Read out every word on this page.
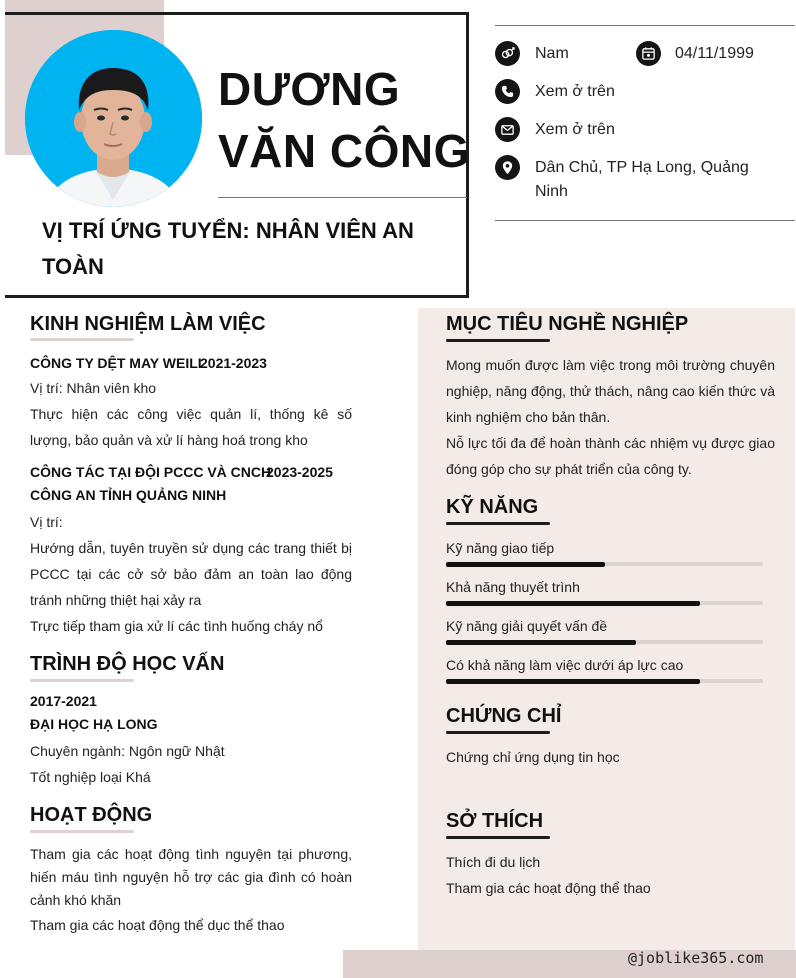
DƯƠNG
VĂN CÔNG
VỊ TRÍ ỨNG TUYỂN: NHÂN VIÊN AN TOÀN
Nam	04/11/1999
Xem ở trên
Xem ở trên
Dân Chủ, TP Hạ Long, Quảng Ninh
KINH NGHIỆM LÀM VIỆC
CÔNG TY DỆT MAY WEILI
2021-2023
Vị trí: Nhân viên kho
Thực hiện các công việc quản lí, thống kê số lượng, bảo quản và xử lí hàng hoá trong kho
CÔNG TÁC TẠI ĐỘI PCCC VÀ CNCH
2023-2025
CÔNG AN TỈNH QUẢNG NINH
Vị trí:
Hướng dẫn, tuyên truyền sử dụng các trang thiết bị PCCC tại các cở sở bảo đảm an toàn lao động tránh những thiệt hại xảy ra
Trực tiếp tham gia xử lí các tình huống cháy nổ
TRÌNH ĐỘ HỌC VẤN
2017-2021
ĐẠI HỌC HẠ LONG
Chuyên ngành: Ngôn ngữ Nhật
Tốt nghiệp loại Khá
HOẠT ĐỘNG
Tham gia các hoạt động tình nguyện tại phương, hiến máu tình nguyện hỗ trợ các gia đình có hoàn cảnh khó khăn
Tham gia các hoạt động thể dục thể thao
MỤC TIÊU NGHỀ NGHIỆP
Mong muốn được làm việc trong môi trường chuyên nghiệp, năng động, thử thách, nâng cao kiến thức và kinh nghiệm cho bản thân.
Nỗ lực tối đa để hoàn thành các nhiệm vụ được giao đóng góp cho sự phát triển của công ty.
KỸ NĂNG
Kỹ năng giao tiếp
Khả năng thuyết trình
Kỹ năng giải quyết vấn đề
Có khả năng làm việc dưới áp lực cao
CHỨNG CHỈ
Chứng chỉ ứng dụng tin học
SỞ THÍCH
Thích đi du lịch
Tham gia các hoạt động thể thao
@joblike365.com
